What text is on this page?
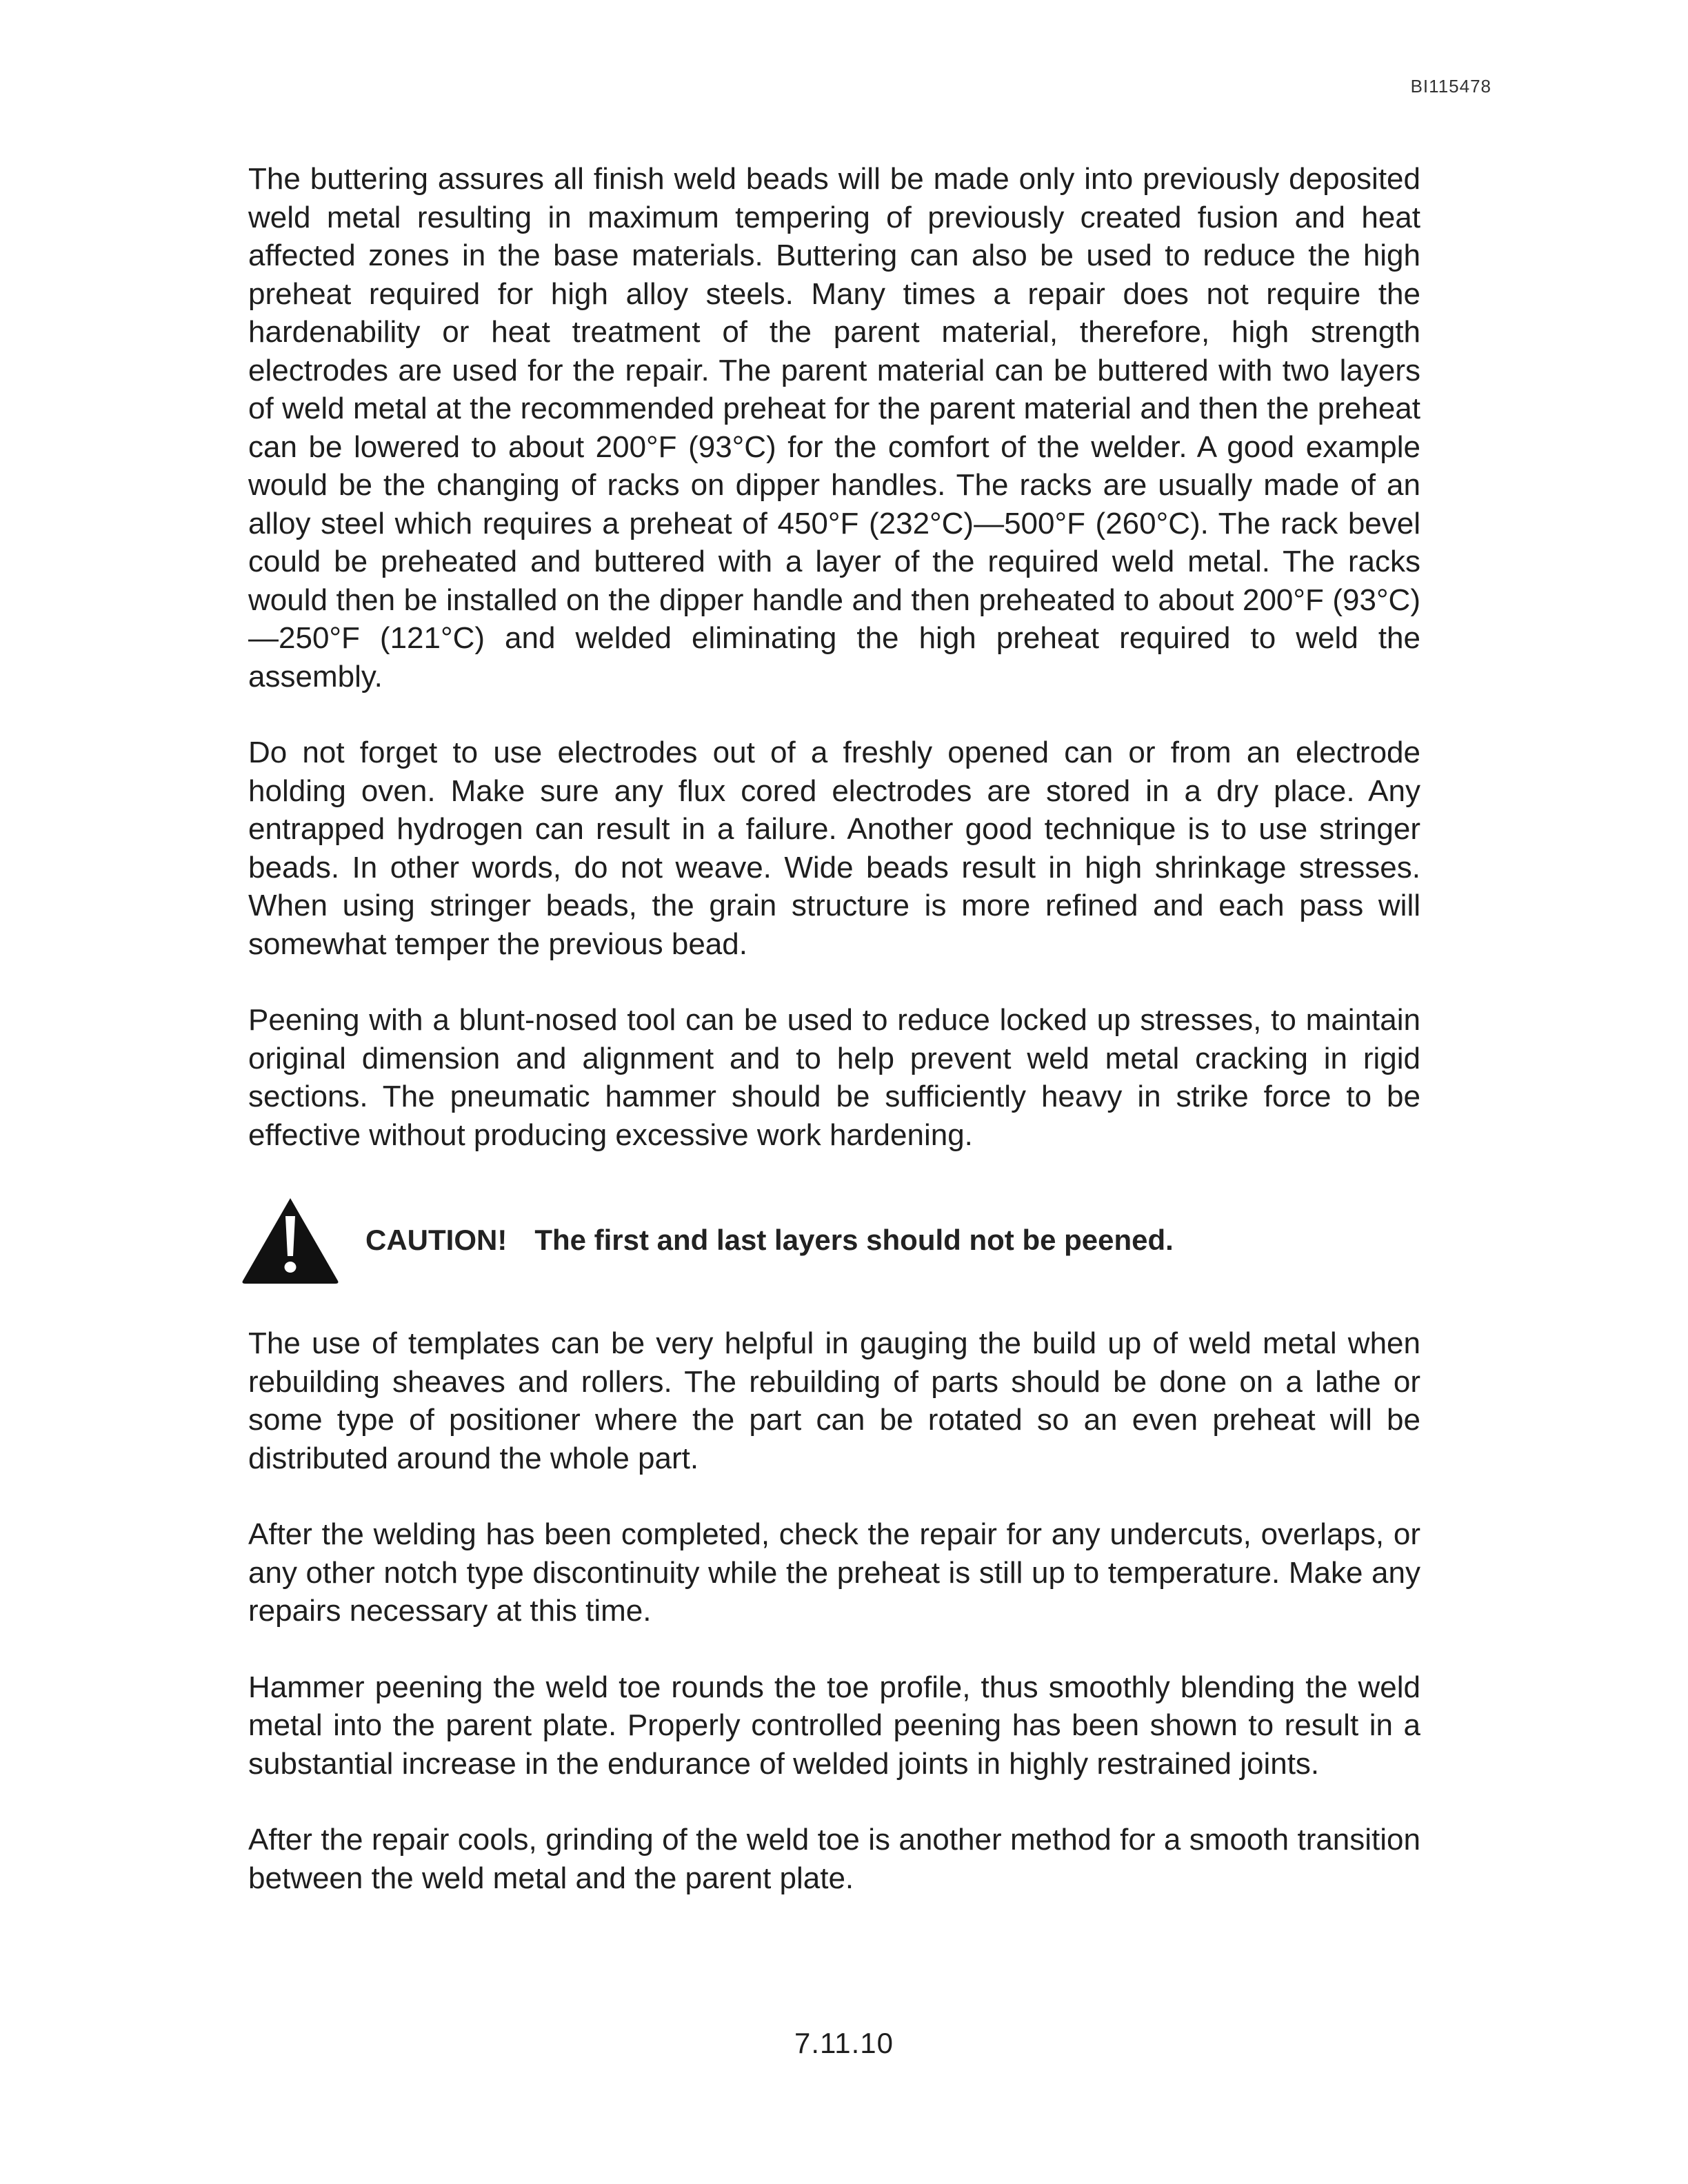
BI115478

The buttering assures all finish weld beads will be made only into previously deposited weld metal resulting in maximum tempering of previously created fusion and heat affected zones in the base materials. Buttering can also be used to reduce the high preheat required for high alloy steels. Many times a repair does not require the hardenability or heat treatment of the parent material, therefore, high strength electrodes are used for the repair. The parent material can be buttered with two layers of weld metal at the recommended preheat for the parent material and then the preheat can be lowered to about 200°F (93°C) for the comfort of the welder. A good example would be the changing of racks on dipper handles. The racks are usually made of an alloy steel which requires a preheat of 450°F (232°C)—500°F (260°C). The rack bevel could be preheated and buttered with a layer of the required weld metal. The racks would then be installed on the dipper handle and then preheated to about 200°F (93°C)—250°F (121°C) and welded eliminating the high preheat required to weld the assembly.

Do not forget to use electrodes out of a freshly opened can or from an electrode holding oven. Make sure any flux cored electrodes are stored in a dry place. Any entrapped hydrogen can result in a failure. Another good technique is to use stringer beads. In other words, do not weave. Wide beads result in high shrinkage stresses. When using stringer beads, the grain structure is more refined and each pass will somewhat temper the previous bead.

Peening with a blunt-nosed tool can be used to reduce locked up stresses, to maintain original dimension and alignment and to help prevent weld metal cracking in rigid sections. The pneumatic hammer should be sufficiently heavy in strike force to be effective without producing excessive work hardening.

CAUTION! The first and last layers should not be peened.

The use of templates can be very helpful in gauging the build up of weld metal when rebuilding sheaves and rollers. The rebuilding of parts should be done on a lathe or some type of positioner where the part can be rotated so an even preheat will be distributed around the whole part.

After the welding has been completed, check the repair for any undercuts, overlaps, or any other notch type discontinuity while the preheat is still up to temperature. Make any repairs necessary at this time.

Hammer peening the weld toe rounds the toe profile, thus smoothly blending the weld metal into the parent plate. Properly controlled peening has been shown to result in a substantial increase in the endurance of welded joints in highly restrained joints.

After the repair cools, grinding of the weld toe is another method for a smooth transition between the weld metal and the parent plate.

7.11.10
